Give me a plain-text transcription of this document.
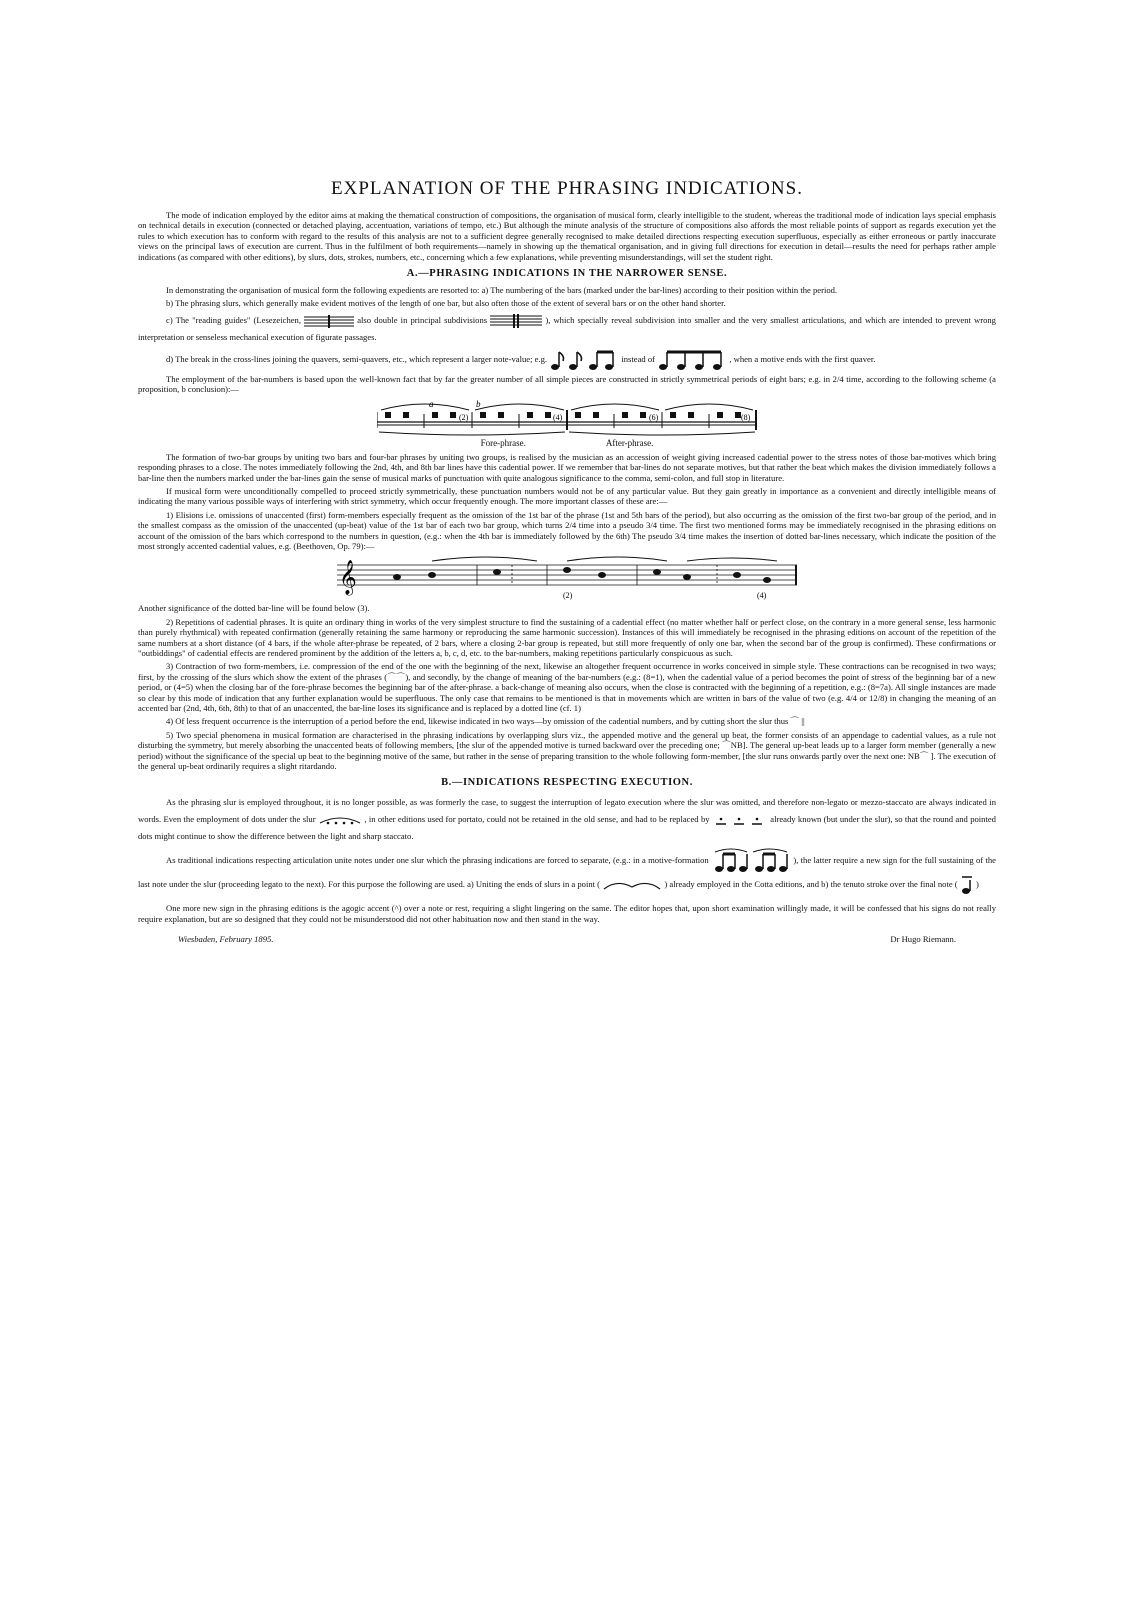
EXPLANATION OF THE PHRASING INDICATIONS.

The mode of indication employed by the editor aims at making the thematical construction of compositions, the organisation of musical form, clearly intelligible to the student, whereas the traditional mode of indication lays special emphasis on technical details in execution (connected or detached playing, accentuation, variations of tempo, etc.) But although the minute analysis of the structure of compositions also affords the most reliable points of support as regards execution yet the rules to which execution has to conform with regard to the results of this analysis are not to a sufficient degree generally recognised to make detailed directions respecting execution superfluous, especially as either erroneous or partly inaccurate views on the principal laws of execution are current. Thus in the fulfilment of both requirements—namely in showing up the thematical organisation, and in giving full directions for execution in detail—results the need for perhaps rather ample indications (as compared with other editions), by slurs, dots, strokes, numbers, etc., concerning which a few explanations, while preventing misunderstandings, will set the student right.

A.—PHRASING INDICATIONS IN THE NARROWER SENSE.

In demonstrating the organisation of musical form the following expedients are resorted to: a) The numbering of the bars (marked under the bar-lines) according to their position within the period.

b) The phrasing slurs, which generally make evident motives of the length of one bar, but also often those of the extent of several bars or on the other hand shorter.

c) The "reading guides" (Lesezeichen,	also double in principal subdivisions	), which specially reveal subdivision into smaller and the very smallest articulations, and which are intended to prevent wrong interpretation or senseless mechanical execution of figurate passages.

d) The break in the cross-lines joining the quavers, semi-quavers, etc., which represent a larger note-value; e.g.	instead of	, when a motive ends with the first quaver.

The employment of the bar-numbers is based upon the well-known fact that by far the greater number of all simple pieces are constructed in strictly symmetrical periods of eight bars; e.g. in 2/4 time, according to the following scheme (a proposition, b conclusion):—

a	b
(2)	(4)	(6)	(8)
Fore-phrase.	After-phrase.

The formation of two-bar groups by uniting two bars and four-bar phrases by uniting two groups, is realised by the musician as an accession of weight giving increased cadential power to the stress notes of those bar-motives which bring responding phrases to a close. The notes immediately following the 2nd, 4th, and 8th bar lines have this cadential power. If we remember that bar-lines do not separate motives, but that rather the beat which makes the division immediately follows a bar-line then the numbers marked under the bar-lines gain the sense of musical marks of punctuation with quite analogous significance to the comma, semi-colon, and full stop in literature.

If musical form were unconditionally compelled to proceed strictly symmetrically, these punctuation numbers would not be of any particular value. But they gain greatly in importance as a convenient and directly intelligible means of indicating the many various possible ways of interfering with strict symmetry, which occur frequently enough. The more important classes of these are:—

1) Elisions i.e. omissions of unaccented (first) form-members especially frequent as the omission of the 1st bar of the phrase (1st and 5th bars of the period), but also occurring as the omission of the first two-bar group of the period, and in the smallest compass as the omission of the unaccented (up-beat) value of the 1st bar of each two bar group, which turns 2/4 time into a pseudo 3/4 time. The first two mentioned forms may be immediately recognised in the phrasing editions on account of the omission of the bars which correspond to the numbers in question, (e.g.: when the 4th bar is immediately followed by the 6th) The pseudo 3/4 time makes the insertion of dotted bar-lines necessary, which indicate the position of the most strongly accented cadential values, e.g. (Beethoven, Op. 79):—

𝄞
(2)	(4)

Another significance of the dotted bar-line will be found below (3).

2) Repetitions of cadential phrases. It is quite an ordinary thing in works of the very simplest structure to find the sustaining of a cadential effect (no matter whether half or perfect close, on the contrary in a more general sense, less harmonic than purely rhythmical) with repeated confirmation (generally retaining the same harmony or reproducing the same harmonic succession). Instances of this will immediately be recognised in the phrasing editions on account of the repetition of the same numbers at a short distance (of 4 bars, if the whole after-phrase be repeated, of 2 bars, where a closing 2-bar group is repeated, but still more frequently of only one bar, when the second bar of the group is confirmed). These confirmations or "outbiddings" of cadential effects are rendered prominent by the addition of the letters a, b, c, d, etc. to the bar-numbers, making repetitions particularly conspicuous as such.

3) Contraction of two form-members, i.e. compression of the end of the one with the beginning of the next, likewise an altogether frequent occurrence in works conceived in simple style. These contractions can be recognised in two ways; first, by the crossing of the slurs which show the extent of the phrases (⌒⌒), and secondly, by the change of meaning of the bar-numbers (e.g.: (8=1), when the cadential value of a period becomes the point of stress of the beginning bar of a new period, or (4=5) when the closing bar of the fore-phrase becomes the beginning bar of the after-phrase. a back-change of meaning also occurs, when the close is contracted with the beginning of a repetition, e.g.: (8=7a). All single instances are made so clear by this mode of indication that any further explanation would be superfluous. The only case that remains to be mentioned is that in movements which are written in bars of the value of two (e.g. 4/4 or 12/8) in changing the meaning of an accented bar (2nd, 4th, 6th, 8th) to that of an unaccented, the bar-line loses its significance and is replaced by a dotted line (cf. 1)

4) Of less frequent occurrence is the interruption of a period before the end, likewise indicated in two ways—by omission of the cadential numbers, and by cutting short the slur thus ⌒ ||

5) Two special phenomena in musical formation are characterised in the phrasing indications by overlapping slurs viz., the appended motive and the general up beat, the former consists of an appendage to cadential values, as a rule not disturbing the symmetry, but merely absorbing the unaccented beats of following members, [the slur of the appended motive is turned backward over the preceding one; ⌒NB]. The general up-beat leads up to a larger form member (generally a new period) without the significance of the special up beat to the beginning motive of the same, but rather in the sense of preparing transition to the whole following form-member, [the slur runs onwards partly over the next one: NB⌒ ]. The execution of the general up-beat ordinarily requires a slight ritardando.

B.—INDICATIONS RESPECTING EXECUTION.

As the phrasing slur is employed throughout, it is no longer possible, as was formerly the case, to suggest the interruption of legato execution where the slur was omitted, and therefore non-legato or mezzo-staccato are always indicated in words. Even the employment of dots under the slur	, in other editions used for portato, could not be retained in the old sense, and had to be replaced by	already known (but under the slur), so that the round and pointed dots might continue to show the difference between the light and sharp staccato.

As traditional indications respecting articulation unite notes under one slur which the phrasing indications are forced to separate, (e.g.: in a motive-formation	), the latter require a new sign for the full sustaining of the last note under the slur (proceeding legato to the next). For this purpose the following are used. a) Uniting the ends of slurs in a point (	) already employed in the Cotta editions, and b) the tenuto stroke over the final note ( )

One more new sign in the phrasing editions is the agogic accent (^) over a note or rest, requiring a slight lingering on the same. The editor hopes that, upon short examination willingly made, it will be confessed that his signs do not really require explanation, but are so designed that they could not be misunderstood did not other habituation now and then stand in the way.

Wiesbaden, February 1895.	Dr Hugo Riemann.
